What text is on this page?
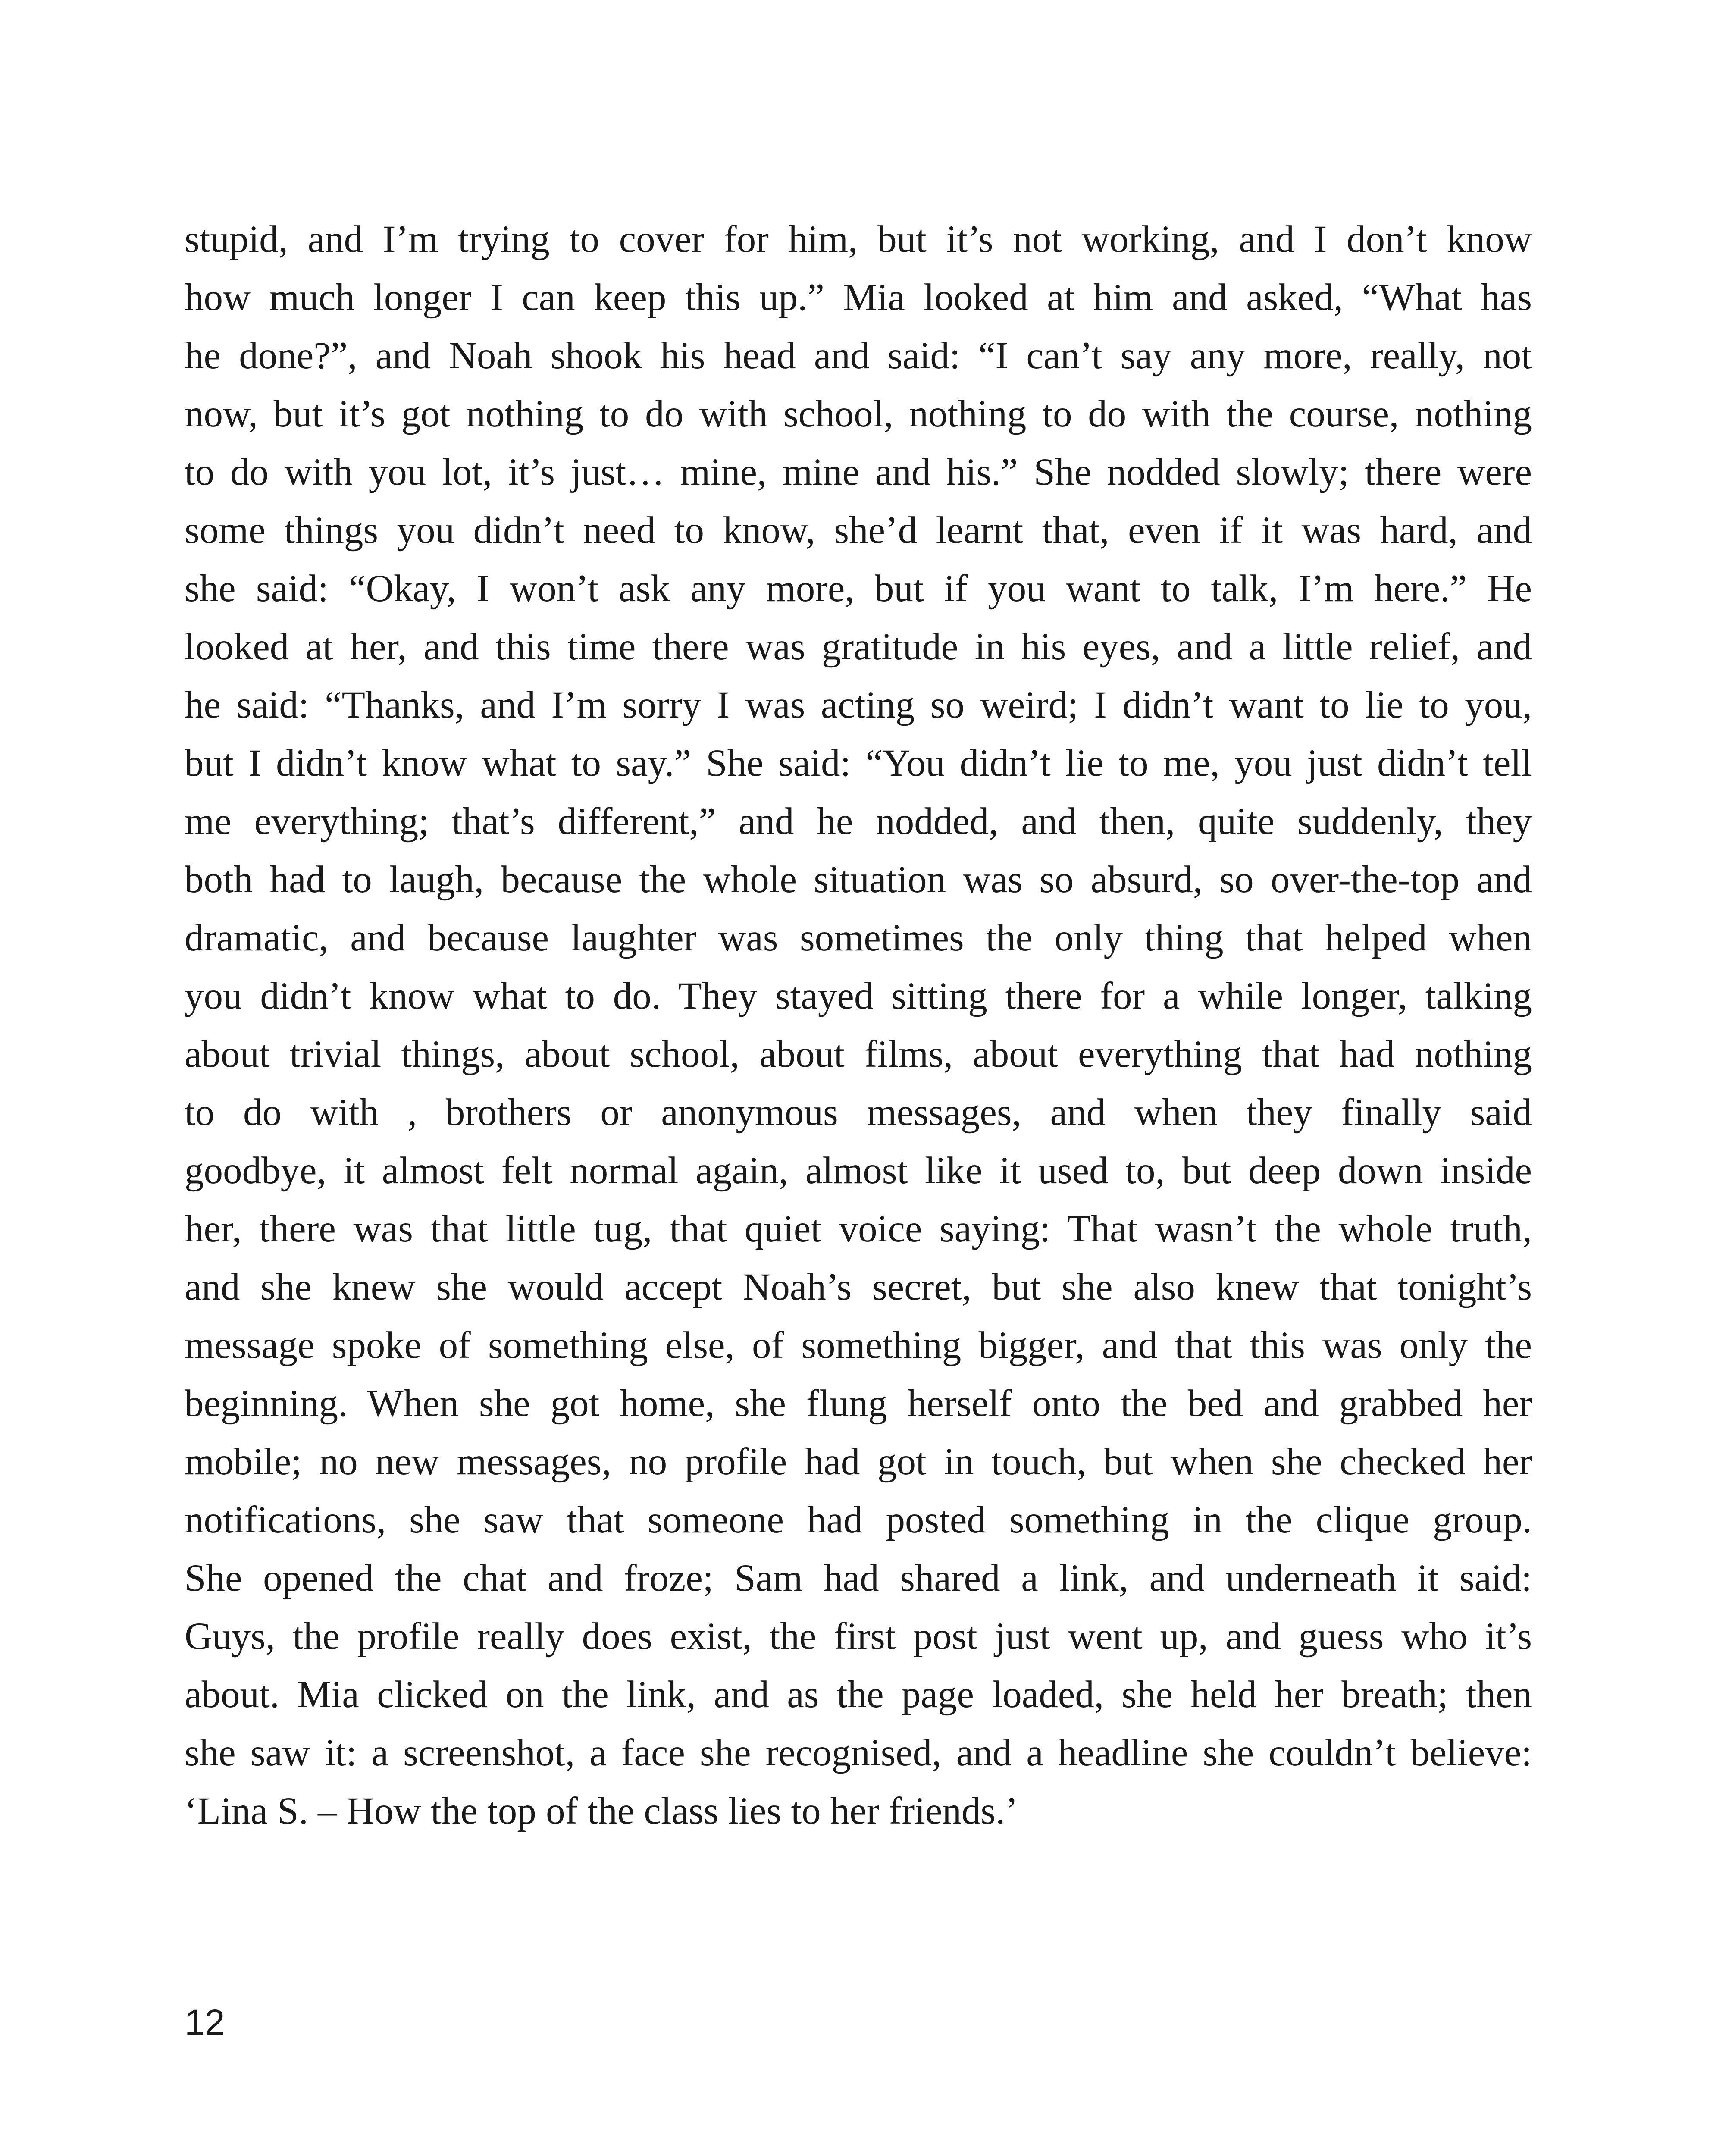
stupid, and I’m trying to cover for him, but it’s not working, and I don’t know
how much longer I can keep this up.” Mia looked at him and asked, “What has
he done?”, and Noah shook his head and said: “I can’t say any more, really, not
now, but it’s got nothing to do with school, nothing to do with the course, nothing
to do with you lot, it’s just… mine, mine and his.” She nodded slowly; there were
some things you didn’t need to know, she’d learnt that, even if it was hard, and
she said: “Okay, I won’t ask any more, but if you want to talk, I’m here.” He
looked at her, and this time there was gratitude in his eyes, and a little relief, and
he said: “Thanks, and I’m sorry I was acting so weird; I didn’t want to lie to you,
but I didn’t know what to say.” She said: “You didn’t lie to me, you just didn’t tell
me everything; that’s different,” and he nodded, and then, quite suddenly, they
both had to laugh, because the whole situation was so absurd, so over-the-top and
dramatic, and because laughter was sometimes the only thing that helped when
you didn’t know what to do. They stayed sitting there for a while longer, talking
about trivial things, about school, about films, about everything that had nothing
to do with , brothers or anonymous messages, and when they finally said
goodbye, it almost felt normal again, almost like it used to, but deep down inside
her, there was that little tug, that quiet voice saying: That wasn’t the whole truth,
and she knew she would accept Noah’s secret, but she also knew that tonight’s
message spoke of something else, of something bigger, and that this was only the
beginning. When she got home, she flung herself onto the bed and grabbed her
mobile; no new messages, no profile had got in touch, but when she checked her
notifications, she saw that someone had posted something in the clique group.
She opened the chat and froze; Sam had shared a link, and underneath it said:
Guys, the profile really does exist, the first post just went up, and guess who it’s
about. Mia clicked on the link, and as the page loaded, she held her breath; then
she saw it: a screenshot, a face she recognised, and a headline she couldn’t believe:
‘Lina S. – How the top of the class lies to her friends.’
12
